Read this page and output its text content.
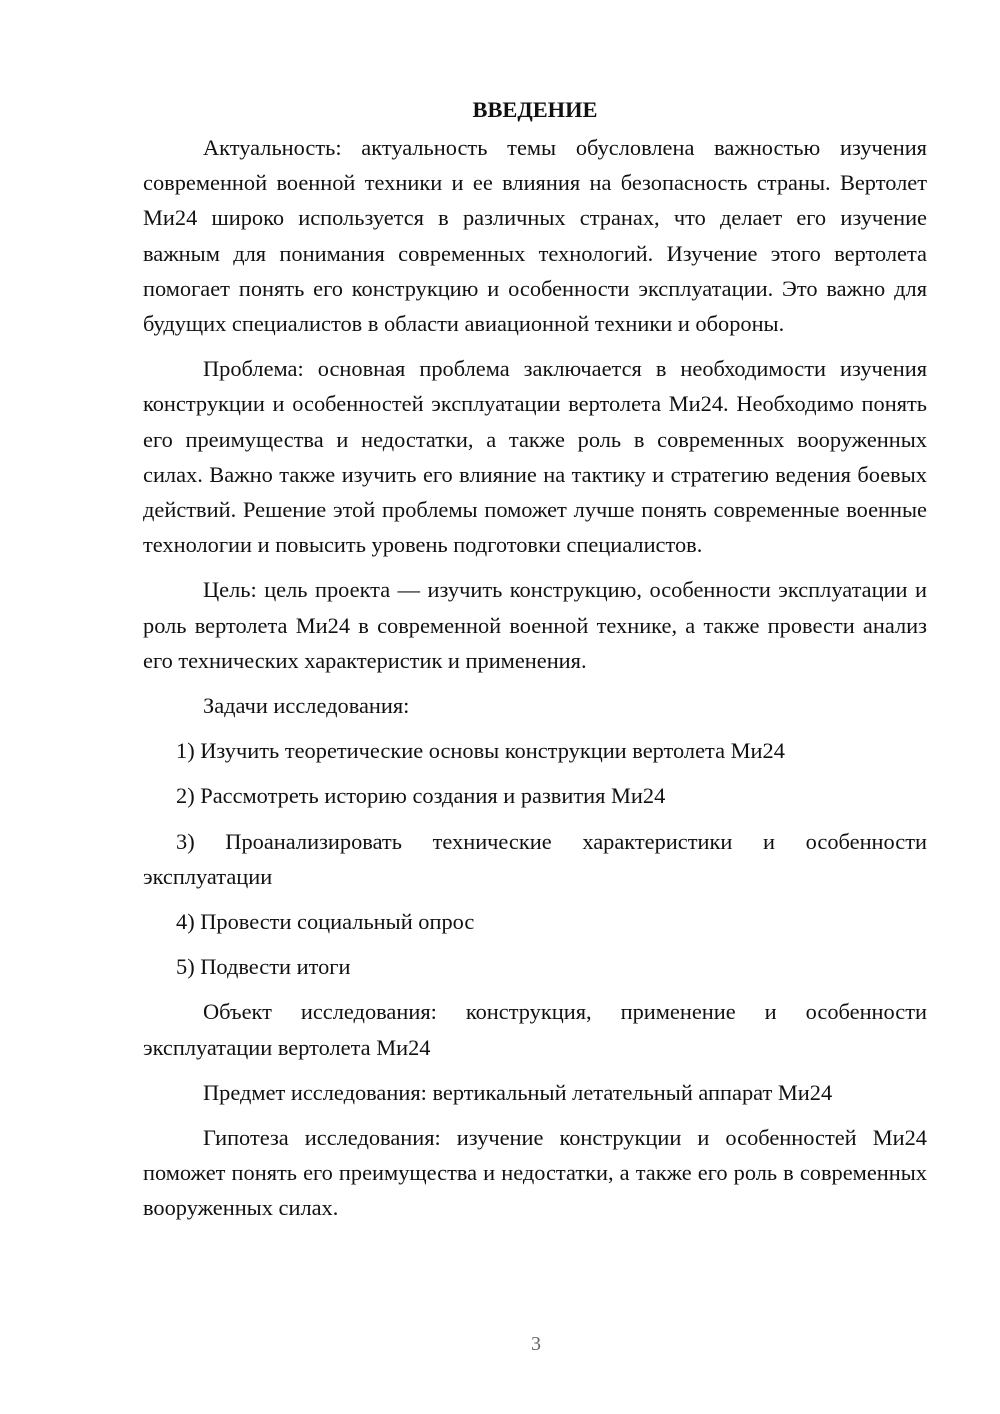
ВВЕДЕНИЕ

Актуальность: актуальность темы обусловлена важностью изучения современной военной техники и ее влияния на безопасность страны. Вертолет Ми24 широко используется в различных странах, что делает его изучение важным для понимания современных технологий. Изучение этого вертолета помогает понять его конструкцию и особенности эксплуатации. Это важно для будущих специалистов в области авиационной техники и обороны.

Проблема: основная проблема заключается в необходимости изучения конструкции и особенностей эксплуатации вертолета Ми24. Необходимо понять его преимущества и недостатки, а также роль в современных вооруженных силах. Важно также изучить его влияние на тактику и стратегию ведения боевых действий. Решение этой проблемы поможет лучше понять современные военные технологии и повысить уровень подготовки специалистов.

Цель: цель проекта — изучить конструкцию, особенности эксплуатации и роль вертолета Ми24 в современной военной технике, а также провести анализ его технических характеристик и применения.

Задачи исследования:

1) Изучить теоретические основы конструкции вертолета Ми24

2) Рассмотреть историю создания и развития Ми24

3) Проанализировать технические характеристики и особенности эксплуатации

4) Провести социальный опрос

5) Подвести итоги

Объект исследования: конструкция, применение и особенности эксплуатации вертолета Ми24

Предмет исследования: вертикальный летательный аппарат Ми24

Гипотеза исследования: изучение конструкции и особенностей Ми24 поможет понять его преимущества и недостатки, а также его роль в современных вооруженных силах.

3
